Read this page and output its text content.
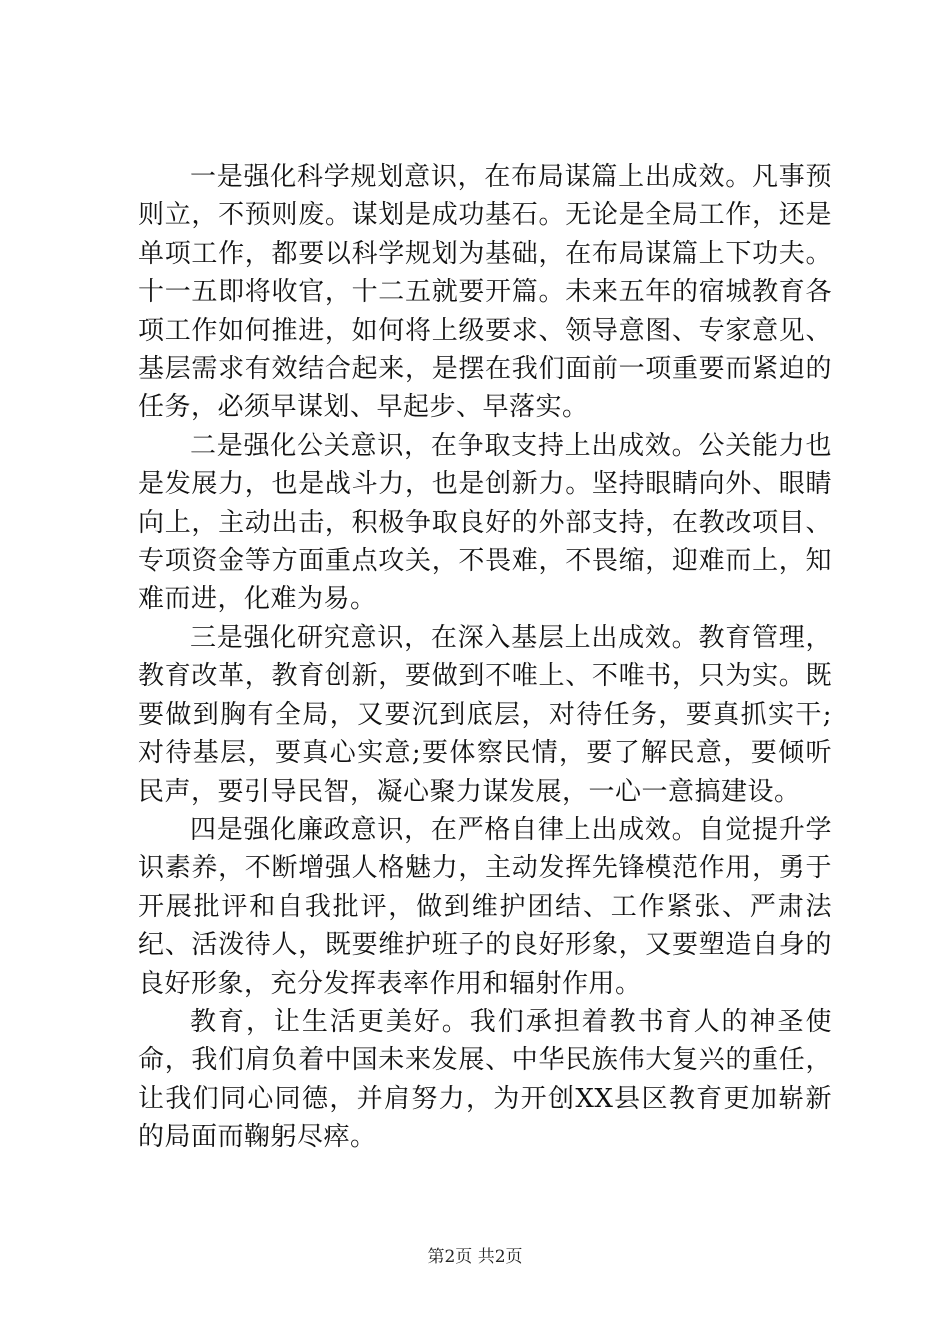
一是强化科学规划意识，在布局谋篇上出成效。凡事预则立，不预则废。谋划是成功基石。无论是全局工作，还是单项工作，都要以科学规划为基础，在布局谋篇上下功夫。十一五即将收官，十二五就要开篇。未来五年的宿城教育各项工作如何推进，如何将上级要求、领导意图、专家意见、基层需求有效结合起来，是摆在我们面前一项重要而紧迫的任务，必须早谋划、早起步、早落实。

二是强化公关意识，在争取支持上出成效。公关能力也是发展力，也是战斗力，也是创新力。坚持眼睛向外、眼睛向上，主动出击，积极争取良好的外部支持，在教改项目、专项资金等方面重点攻关，不畏难，不畏缩，迎难而上，知难而进，化难为易。

三是强化研究意识，在深入基层上出成效。教育管理，教育改革，教育创新，要做到不唯上、不唯书，只为实。既要做到胸有全局，又要沉到底层，对待任务，要真抓实干;对待基层，要真心实意;要体察民情，要了解民意，要倾听民声，要引导民智，凝心聚力谋发展，一心一意搞建设。

四是强化廉政意识，在严格自律上出成效。自觉提升学识素养，不断增强人格魅力，主动发挥先锋模范作用，勇于开展批评和自我批评，做到维护团结、工作紧张、严肃法纪、活泼待人，既要维护班子的良好形象，又要塑造自身的良好形象，充分发挥表率作用和辐射作用。

教育，让生活更美好。我们承担着教书育人的神圣使命，我们肩负着中国未来发展、中华民族伟大复兴的重任，让我们同心同德，并肩努力，为开创XX县区教育更加崭新的局面而鞠躬尽瘁。

第2页 共2页
